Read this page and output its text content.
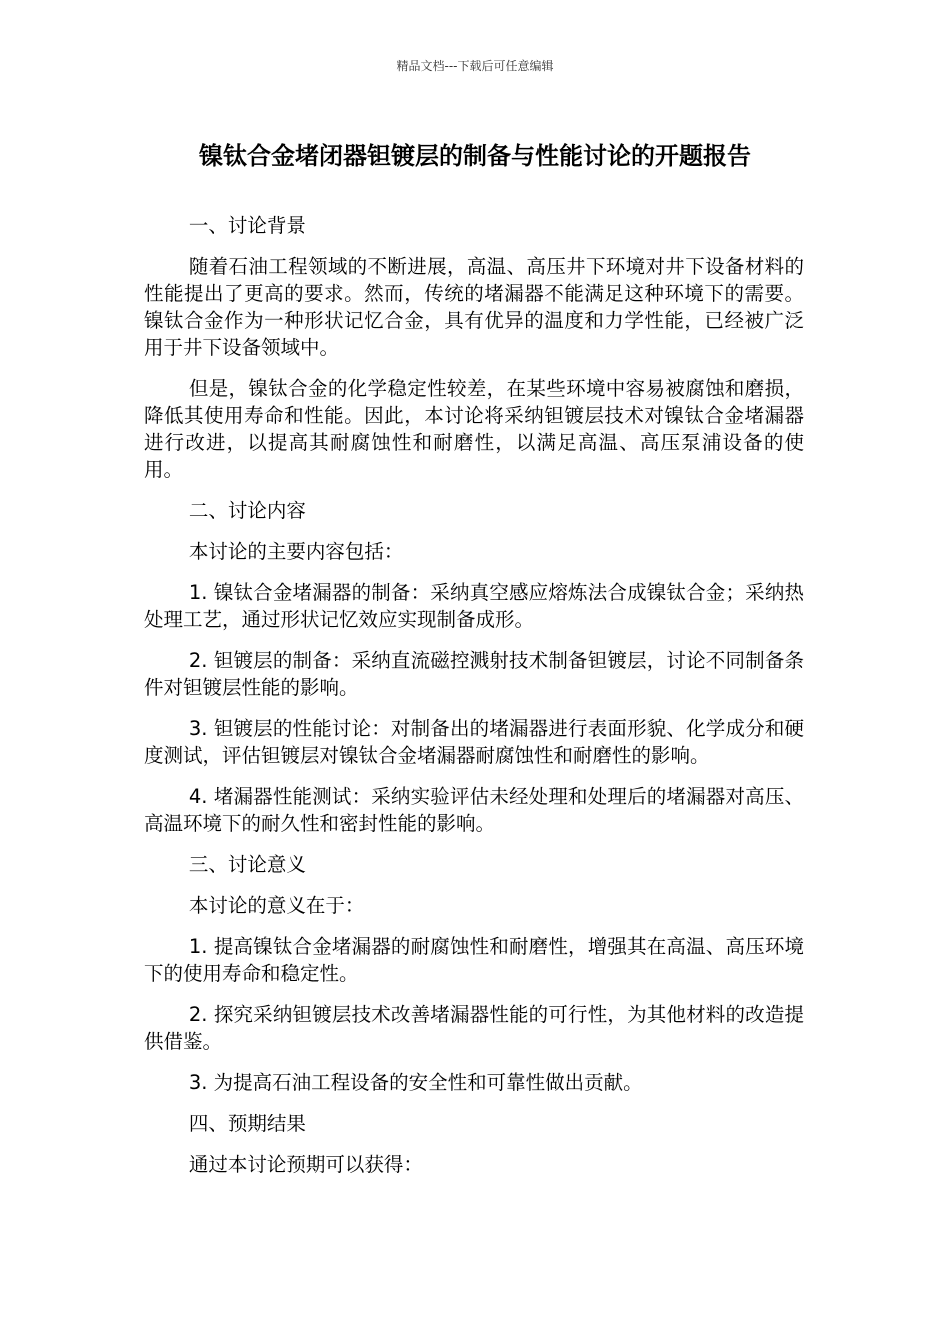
精品文档---下载后可任意编辑
镍钛合金堵闭器钽镀层的制备与性能讨论的开题报告

一、讨论背景

随着石油工程领域的不断进展，高温、高压井下环境对井下设备材料的性能提出了更高的要求。然而，传统的堵漏器不能满足这种环境下的需要。镍钛合金作为一种形状记忆合金，具有优异的温度和力学性能，已经被广泛用于井下设备领域中。

但是，镍钛合金的化学稳定性较差，在某些环境中容易被腐蚀和磨损，降低其使用寿命和性能。因此，本讨论将采纳钽镀层技术对镍钛合金堵漏器进行改进，以提高其耐腐蚀性和耐磨性，以满足高温、高压泵浦设备的使用。

二、讨论内容

本讨论的主要内容包括：

1. 镍钛合金堵漏器的制备：采纳真空感应熔炼法合成镍钛合金；采纳热处理工艺，通过形状记忆效应实现制备成形。

2. 钽镀层的制备：采纳直流磁控溅射技术制备钽镀层，讨论不同制备条件对钽镀层性能的影响。

3. 钽镀层的性能讨论：对制备出的堵漏器进行表面形貌、化学成分和硬度测试，评估钽镀层对镍钛合金堵漏器耐腐蚀性和耐磨性的影响。

4. 堵漏器性能测试：采纳实验评估未经处理和处理后的堵漏器对高压、高温环境下的耐久性和密封性能的影响。

三、讨论意义

本讨论的意义在于：

1. 提高镍钛合金堵漏器的耐腐蚀性和耐磨性，增强其在高温、高压环境下的使用寿命和稳定性。

2. 探究采纳钽镀层技术改善堵漏器性能的可行性，为其他材料的改造提供借鉴。

3. 为提高石油工程设备的安全性和可靠性做出贡献。

四、预期结果

通过本讨论预期可以获得：
